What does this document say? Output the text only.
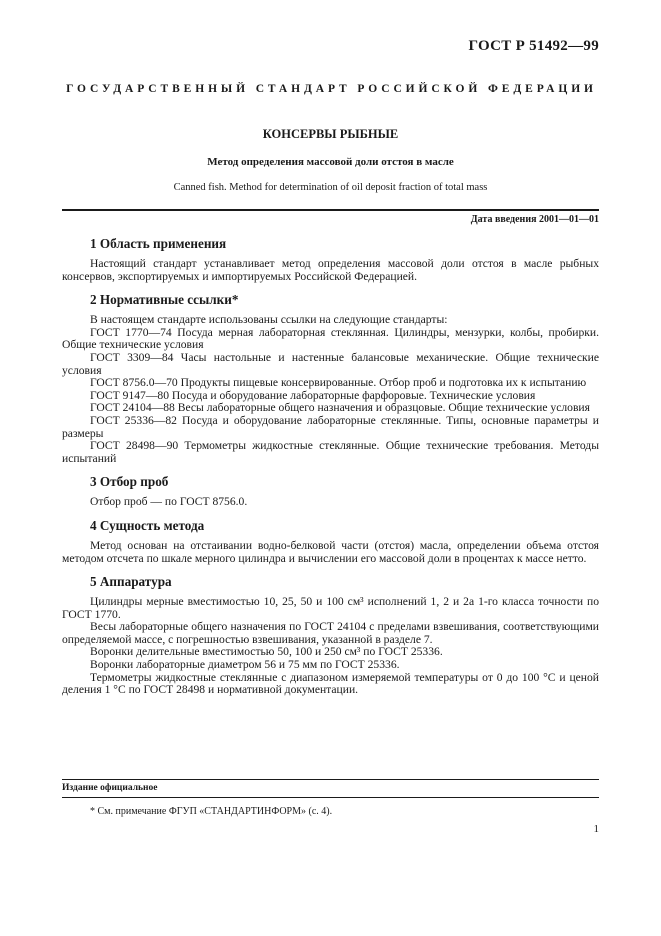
ГОСТ Р 51492—99
ГОСУДАРСТВЕННЫЙ СТАНДАРТ РОССИЙСКОЙ ФЕДЕРАЦИИ
КОНСЕРВЫ РЫБНЫЕ
Метод определения массовой доли отстоя в масле
Canned fish. Method for determination of oil deposit fraction of total mass
Дата введения 2001—01—01
1 Область применения

Настоящий стандарт устанавливает метод определения массовой доли отстоя в масле рыбных консервов, экспортируемых и импортируемых Российской Федерацией.

2 Нормативные ссылки*

В настоящем стандарте использованы ссылки на следующие стандарты:

ГОСТ 1770—74 Посуда мерная лабораторная стеклянная. Цилиндры, мензурки, колбы, пробирки. Общие технические условия

ГОСТ 3309—84 Часы настольные и настенные балансовые механические. Общие технические условия

ГОСТ 8756.0—70 Продукты пищевые консервированные. Отбор проб и подготовка их к испытанию

ГОСТ 9147—80 Посуда и оборудование лабораторные фарфоровые. Технические условия

ГОСТ 24104—88 Весы лабораторные общего назначения и образцовые. Общие технические условия

ГОСТ 25336—82 Посуда и оборудование лабораторные стеклянные. Типы, основные параметры и размеры

ГОСТ 28498—90 Термометры жидкостные стеклянные. Общие технические требования. Методы испытаний

3 Отбор проб

Отбор проб — по ГОСТ 8756.0.

4 Сущность метода

Метод основан на отстаивании водно-белковой части (отстоя) масла, определении объема отстоя методом отсчета по шкале мерного цилиндра и вычислении его массовой доли в процентах к массе нетто.

5 Аппаратура

Цилиндры мерные вместимостью 10, 25, 50 и 100 см³ исполнений 1, 2 и 2а 1-го класса точности по ГОСТ 1770.

Весы лабораторные общего назначения по ГОСТ 24104 с пределами взвешивания, соответствующими определяемой массе, с погрешностью взвешивания, указанной в разделе 7.

Воронки делительные вместимостью 50, 100 и 250 см³ по ГОСТ 25336.

Воронки лабораторные диаметром 56 и 75 мм по ГОСТ 25336.

Термометры жидкостные стеклянные с диапазоном измеряемой температуры от 0 до 100 °С и ценой деления 1 °С по ГОСТ 28498 и нормативной документации.

Издание официальное
* См. примечание ФГУП «СТАНДАРТИНФОРМ» (с. 4).
1
